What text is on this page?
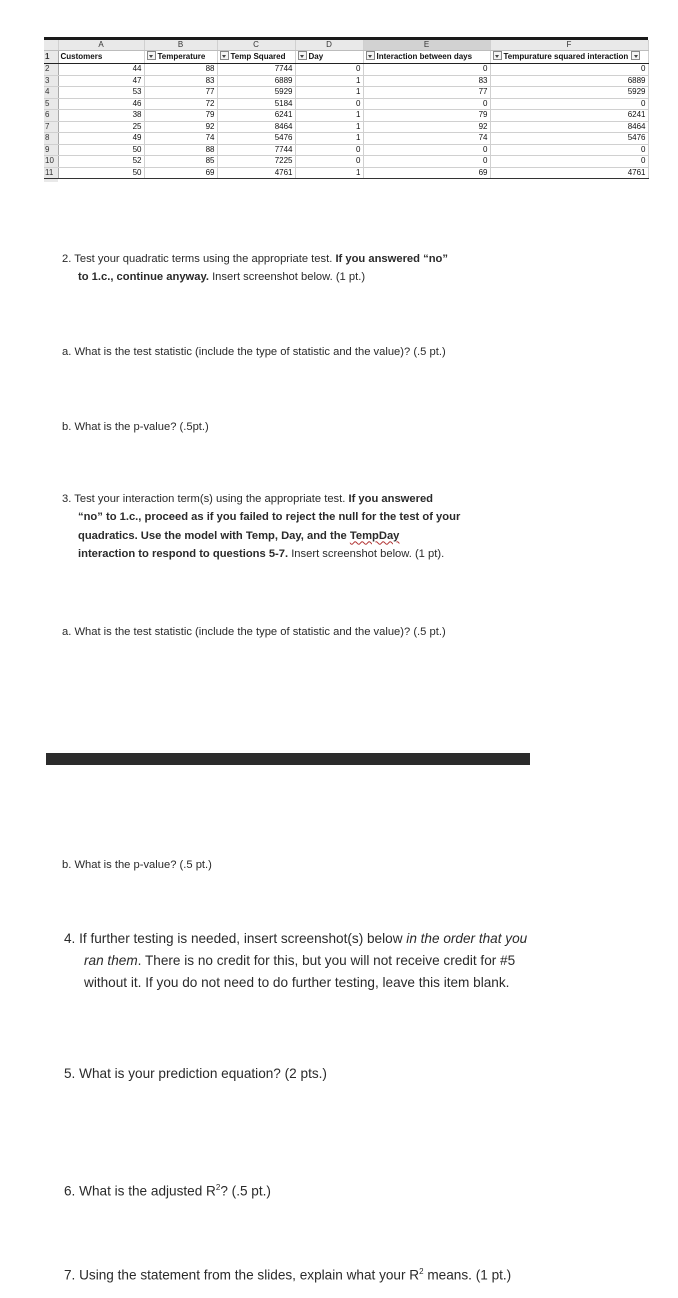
	A	B	C	D	E	F
1	Customers	Temperature	Temp Squared	Day	Interaction between days	Tempurature squared interaction
2	44	88	7744	0	0	0
3	47	83	6889	1	83	6889
4	53	77	5929	1	77	5929
5	46	72	5184	0	0	0
6	38	79	6241	1	79	6241
7	25	92	8464	1	92	8464
8	49	74	5476	1	74	5476
9	50	88	7744	0	0	0
10	52	85	7225	0	0	0
11	50	69	4761	1	69	4761

2. Test your quadratic terms using the appropriate test. If you answered “no”
to 1.c., continue anyway. Insert screenshot below. (1 pt.)

a. What is the test statistic (include the type of statistic and the value)? (.5 pt.)

b. What is the p-value? (.5pt.)

3. Test your interaction term(s) using the appropriate test. If you answered
“no” to 1.c., proceed as if you failed to reject the null for the test of your
quadratics. Use the model with Temp, Day, and the TempDay
interaction to respond to questions 5-7. Insert screenshot below. (1 pt).

a. What is the test statistic (include the type of statistic and the value)? (.5 pt.)

b. What is the p-value? (.5 pt.)

4. If further testing is needed, insert screenshot(s) below in the order that you
ran them. There is no credit for this, but you will not receive credit for #5
without it. If you do not need to do further testing, leave this item blank.

5. What is your prediction equation? (2 pts.)

6. What is the adjusted $R^2$? (.5 pt.)

7. Using the statement from the slides, explain what your $R^2$ means. (1 pt.)
